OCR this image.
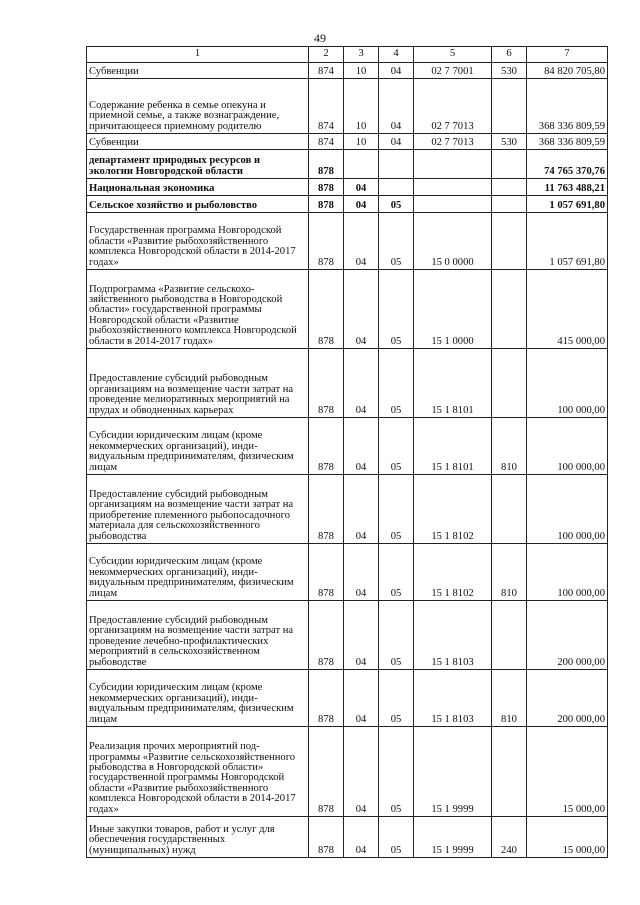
49
1	2	3	4	5	6	7
Субвенции	874	10	04	02 7 7001	530	84 820 705,80
Содержание ребенка в семье опекуна и приемной семье, а также вознаграждение, причитающееся приемному родителю	874	10	04	02 7 7013		368 336 809,59
Субвенции	874	10	04	02 7 7013	530	368 336 809,59
департамент природных ресурсов и экологии Новгородской области	878					74 765 370,76
Национальная экономика	878	04				11 763 488,21
Сельское хозяйство и рыболовство	878	04	05			1 057 691,80
Государственная программа Новгородской области «Развитие рыбохозяйственного комплекса Новгородской области в 2014-2017 годах»	878	04	05	15 0 0000		1 057 691,80
Подпрограмма «Развитие сельскохозяйственного рыбоводства в Новгородской области» государственной программы Новгородской области «Развитие рыбохозяйственного комплекса Новгородской области в 2014-2017 годах»	878	04	05	15 1 0000		415 000,00
Предоставление субсидий рыбоводным организациям на возмещение части затрат на проведение мелиоративных мероприятий на прудах и обводненных карьерах	878	04	05	15 1 8101		100 000,00
Субсидии юридическим лицам (кроме некоммерческих организаций), индивидуальным предпринимателям, физическим лицам	878	04	05	15 1 8101	810	100 000,00
Предоставление субсидий рыбоводным организациям на возмещение части затрат на приобретение племенного рыбопосадочного материала для сельскохозяйственного рыбоводства	878	04	05	15 1 8102		100 000,00
Субсидии юридическим лицам (кроме некоммерческих организаций), индивидуальным предпринимателям, физическим лицам	878	04	05	15 1 8102	810	100 000,00
Предоставление субсидий рыбоводным организациям на возмещение части затрат на проведение лечебно-профилактических мероприятий в сельскохозяйственном рыбоводстве	878	04	05	15 1 8103		200 000,00
Субсидии юридическим лицам (кроме некоммерческих организаций), индивидуальным предпринимателям, физическим лицам	878	04	05	15 1 8103	810	200 000,00
Реализация прочих мероприятий подпрограммы «Развитие сельскохозяйственного рыбоводства в Новгородской области» государственной программы Новгородской области «Развитие рыбохозяйственного комплекса Новгородской области в 2014-2017 годах»	878	04	05	15 1 9999		15 000,00
Иные закупки товаров, работ и услуг для обеспечения государственных (муниципальных) нужд	878	04	05	15 1 9999	240	15 000,00
